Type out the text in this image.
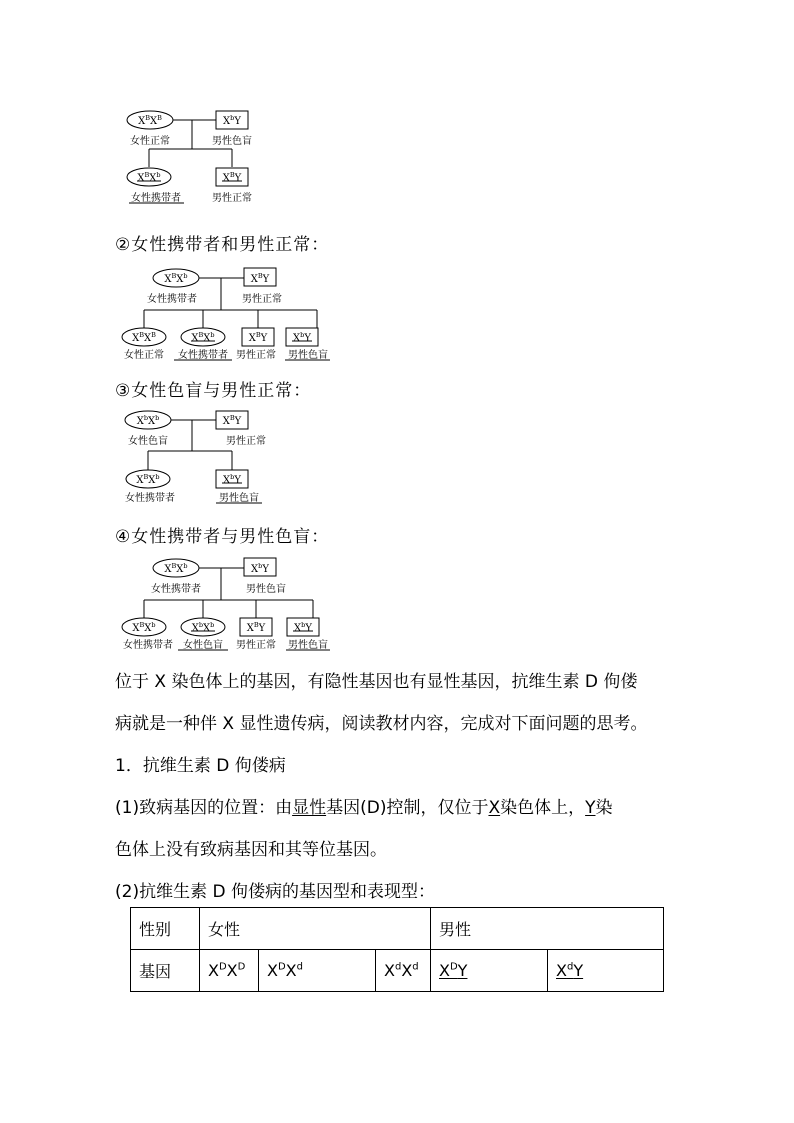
$X^BX^B$	$X^bY$
女性正常	男性色盲
$X^BX^b$	$X^BY$
女性携带者	男性正常
②女性携带者和男性正常：
$X^BX^b$	$X^BY$
女性携带者	男性正常
$X^BX^B$	$X^BX^b$	$X^BY$	$X^bY$
女性正常 女性携带者 男性正常 男性色盲
③女性色盲与男性正常：
$X^bX^b$	$X^BY$
女性色盲	男性正常
$X^BX^b$	$X^bY$
女性携带者	男性色盲
④女性携带者与男性色盲：
$X^BX^b$	$X^bY$
女性携带者	男性色盲
$X^BX^b$	$X^bX^b$	$X^BY$	$X^bY$
女性携带者 女性色盲 男性正常 男性色盲
位于 X 染色体上的基因，有隐性基因也有显性基因，抗维生素 D 佝偻
病就是一种伴 X 显性遗传病，阅读教材内容，完成对下面问题的思考。
1．抗维生素 D 佝偻病
(1)致病基因的位置：由显性基因(D)控制，仅位于X染色体上，Y染
色体上没有致病基因和其等位基因。
(2)抗维生素 D 佝偻病的基因型和表现型：
性别	女性			男性	
基因	$X^DX^D$	$X^DX^d$	$X^dX^d$	$X^DY$	$X^dY$
